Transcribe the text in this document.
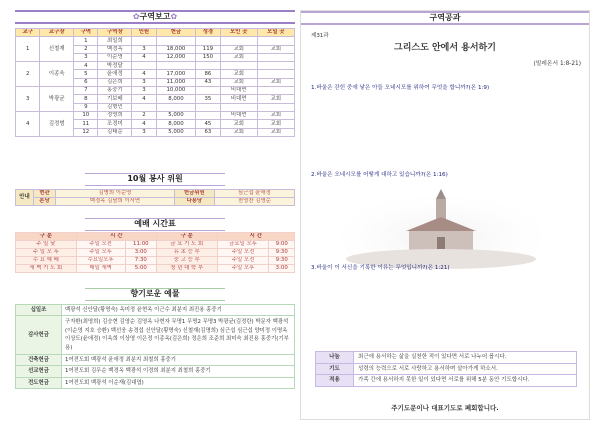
✿구역보고✿
교구	교구장	구역	구역장	인원	헌금	성경	모인 곳	모일 곳
1	신철재	1	최일희					
		2	백경옥	3	18,000	119	교회	교회
		3	이순영	4	12,000	150	교회	
2	이종욱	4	박정달					
		5	윤애정	4	17,000	86	교회	
		6	김은희	3	11,000	43	교회	교회
3	박광균	7	홍중기	3	10,000		비대면	
		8	기보배	4	8,000	35	비대면	교회
		9	김형민					
4	김정범	10	정영희	2	5,000		비대면	교회
		11	조경미	4	8,000	45	교회	교회
		12	김태순	3	5,000	63	교회	교회
10월 봉사 위원
안내	현관	김병희 이순영	헌금위원	심근섭 윤애정
	본당	백경옥 김남희 이서연	다용당	천영찬 김영순
예배 시간표
구 분	시 간		구 분	시 간	
주 일 낮	주일 오전	11:00	금 요 기 도 회	금요일 오후	9:00
주 일 오 후	주일 오후	3:00	유 초 등 부	주일 오전	9:30
수 요 예 배	수요일오후	7:30	중 고 등 부	주일 오전	9:30
새 벽 기 도 회	매일 새벽	5:00	청 년 대 학 부	주일 오후	3:00
향기로운 예물
십일조	백광석 신안달(황명숙) 옥미정 윤현옥 이근수 최분지 최진용 홍중기
감사헌금	구자환(최영희) 김승현 김영순 김영옥 나현자 무명1 무명2 무명3 박광균(김정란) 박문자 백광석(이순영 지호 승환) 백선웅 송경섭 신안달(황명숙) 신철재(김명희) 심근섭 심근섭 양미정 이명옥 이상도(윤애정) 이옥희 이상영 이은정 이종옥(김은희) 정은희 조준희 최미숙 최진용 홍중기(기부용)
건축헌금	1여전도회 백광석 윤애정 최분지 최철희 홍중기
선교헌금	1여전도회 김무순 백경옥 백광석 이경희 최분지 최철희 홍중기
전도헌금	1여전도회 백광석 이순재(김대엽)
구역공과
제31과
그리스도 안에서 용서하기
(빌레몬서 1:8-21)
1.바울은 갇힌 중에 낳은 아들 오네시모를 위하여 무엇을 합니까?(온 1:9)
2.바울은 오네시모를 어떻게 대하고 있습니까?(온 1:16)
3.바울이 이 서신을 기록한 이유는 무엇입니까?(온 1:21)
나눔	최근에 용서하는 삶을 실천한 적이 있다면 서로 나누어 봅시다.
기도	성령의 능력으로 서로 사랑하고 용서하며 살아가게 하소서.
적용	가족 간에 용서하지 못한 일이 있다면 서로를 위해 5분 동안 기도합시다.
주기도문이나 대표기도로 폐회합니다.
